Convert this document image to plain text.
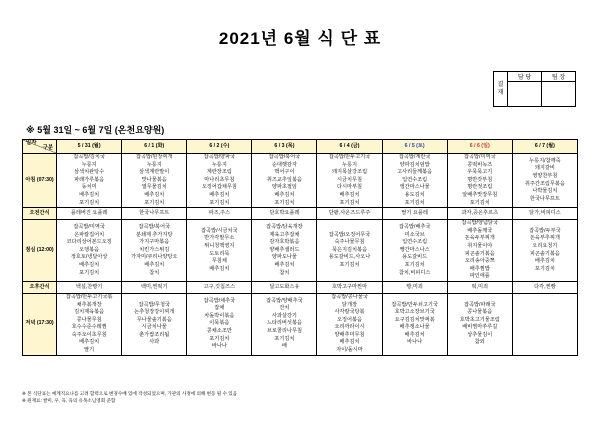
2021년 6월 식 단 표
결 재	담 당	팀 장

※ 5월 31일 ~ 6월 7일 (온천요양원)
일자
구분	5 / 31 (월)	6 / 1 (화)	6 / 2 (수)	6 / 3 (목)	6 / 4 (금)	6 / 5 (토)	6 / 6 (일)	6 / 7 (월)
아침 (07:30)	잡곡밥/김치국
누룽지
삼색치완탕수
파래가루볶음
동치미
배추김치
포기김치	잡곡밥/된장찌개
누룽지
삼색계란말이
맛나물볶음
열무물김치
배추김치
포기김치	잡곡밥/양파국
누룽지
계란장조림
마나리초무침
오징어갑채무침
배추김치
포기김치	잡곡밥/북어국
순대햇감자
맥어구이
취즈교추잎볶음
양파초절임
배추김치
포기김치	잡곡밥/만두고기국
누룽지
돼지목살강조림
시금치무침
다시마부침
배추김치
포기김치	잡곡밥/계란국
양파김치덮밥
고사리들깨볶음
입연수조림
앵간마스나물
용도김치
포기김치	잡곡밥/미역국
콩떡비녹즈
우묵묵고기
명반갓부침
명란젓조림
알배추맛장무침
포기김치	누룽지/참깨죽
돼지갈비
영양찬부침
취주간조림무볶음
나박물김치
한국나무프트
오전간식	플레버진 요플레	한국나무프트	파즈,주스	단호박요플레	단팥,사온즈드루주	딸기 요플레	과자,증온후르츠	닭가,비피디스
점심 (12:00)	잡곡밥/미역국
온파칼집어치
코다리상어본드오징
오뎅볶음
정호토/냉달아상
배추김치
포기김치	잡곡밥/북어국
분쇄제 추가지탕
가지구마볶음
치킨가스튀김
가자미/쿠리나양탕오
배추김치
참치	잡곡밥/시금치국
반가각말무소
튀니청맥영지
도토리묵
무침채
배추김치	잡곡밥/닭육개장
제육고추잡채
감자호박볶음
양배추샐러드
양파도나물
배추김치
참치	잡곡밥/오징어무국
숙주나물무침
묵은지김치볶음
용도갈비드,사오나
포기김치	잡곡밥/배추국
미소국브
입연수조림
쨍간마스나스
용도갈비드
포기김치
참치,비피디스	잡곡밥/양념닭국
배추돌깨국
돈육두부찌개
취지물이야
피곤솔기볶음
오리송아중쯔
배추찜밥
파인애플	잡곡밥/두부국
돈육부추찌개
오리요청기
피곤솔기볶음
배추김치
포기김치
오후간식	백설,찬빵기	백미,찐떡기	고구,깃칩즈스	달고도화스유	호박고구마찐마	빵,미죄	떡,미죄	다각,찐빵
저녁 (17:30)	잡곡밥/만두고기국볶
채추볶개장
김치제육볶음
콩나물무침
호수수준수레찜
숙주오이초무침
배추김치
딸기	잡곡밥/무청국
논추청장강이찌개
무나물솔기볶음
시금치나물
춘가쌈조리됨
사과	잡곡밥/채추국
잡채
차돌박이볶음
이묵볶음
콩채소조만
포기김치
바나나	잡곡밥/양배추국
잔치
사과살강기
느타리버섯볶음
브로콜리나무침
포기김치
배	잡곡밥/콩나물국
닭개장
사각칼국탕볶
오징어볶음
오리까라이시
양배추미무침
배추김치
자이/돌시마	잡곡밥/만두쇠고기국
호박고소장브기국
요구김김치맛쩌볶
배추쟁소나물
배추김치
바나나	잡곡밥/파래국
콩나물볶음
호박초고기물조림
배비찜마쑤루길
상추물김이
참외	
※ 본 식단표는 예계직요나를 고려 합력으로 변경수배 있에 작성되었으며, 가관의 사정에 의해 변동 될 수 있음
※ 원재료: 쌀미, 우, 육, 육의 유목소님영회 준함
